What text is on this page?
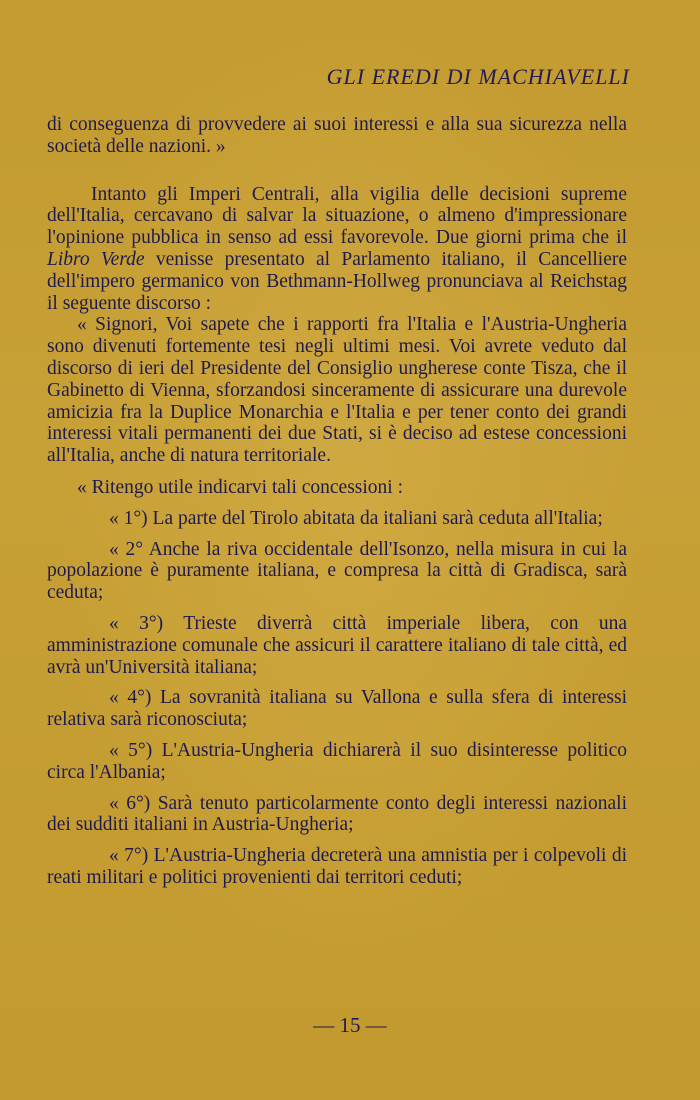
GLI EREDI DI MACHIAVELLI

di conseguenza di provvedere ai suoi interessi e alla sua sicurezza nella società delle nazioni. »

Intanto gli Imperi Centrali, alla vigilia delle decisioni supreme dell'Italia, cercavano di salvar la situazione, o almeno d'impressionare l'opinione pubblica in senso ad essi favorevole. Due giorni prima che il Libro Verde venisse presentato al Parlamento italiano, il Cancelliere dell'impero germanico von Bethmann-Hollweg pronunciava al Reichstag il seguente discorso :

« Signori, Voi sapete che i rapporti fra l'Italia e l'Austria-Ungheria sono divenuti fortemente tesi negli ultimi mesi. Voi avrete veduto dal discorso di ieri del Presidente del Consiglio ungherese conte Tisza, che il Gabinetto di Vienna, sforzandosi sinceramente di assicurare una durevole amicizia fra la Duplice Monarchia e l'Italia e per tener conto dei grandi interessi vitali permanenti dei due Stati, si è deciso ad estese concessioni all'Italia, anche di natura territoriale.

« Ritengo utile indicarvi tali concessioni :

« 1°) La parte del Tirolo abitata da italiani sarà ceduta all'Italia;

« 2° Anche la riva occidentale dell'Isonzo, nella misura in cui la popolazione è puramente italiana, e compresa la città di Gradisca, sarà ceduta;

« 3°) Trieste diverrà città imperiale libera, con una amministrazione comunale che assicuri il carattere italiano di tale città, ed avrà un'Università italiana;

« 4°) La sovranità italiana su Vallona e sulla sfera di interessi relativa sarà riconosciuta;

« 5°) L'Austria-Ungheria dichiarerà il suo disinteresse politico circa l'Albania;

« 6°) Sarà tenuto particolarmente conto degli interessi nazionali dei sudditi italiani in Austria-Ungheria;

« 7°) L'Austria-Ungheria decreterà una amnistia per i colpevoli di reati militari e politici provenienti dai territori ceduti;

— 15 —
